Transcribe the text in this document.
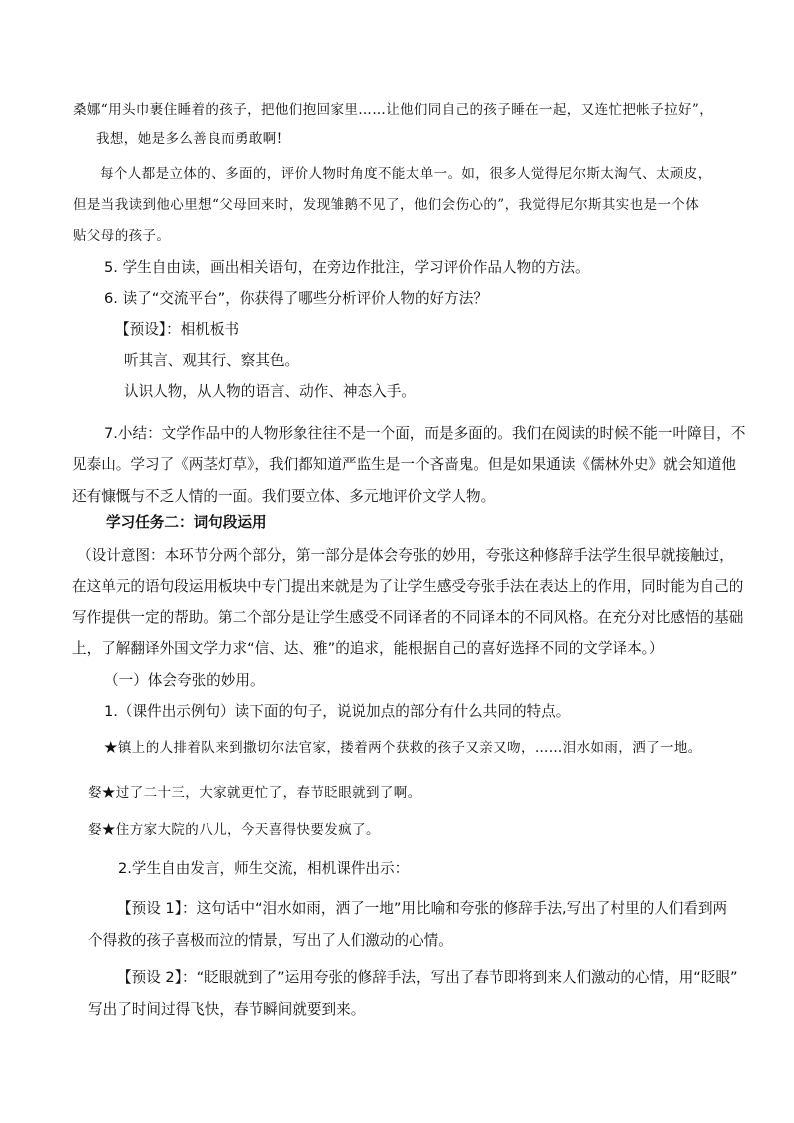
桑娜“用头巾裹住睡着的孩子，把他们抱回家里……让他们同自己的孩子睡在一起，又连忙把帐子拉好”，
我想，她是多么善良而勇敢啊!
每个人都是立体的、多面的，评价人物时角度不能太单一。如，很多人觉得尼尔斯太淘气、太顽皮，
但是当我读到他心里想“父母回来时，发现雏鹅不见了，他们会伤心的”，我觉得尼尔斯其实也是一个体
贴父母的孩子。
5. 学生自由读，画出相关语句，在旁边作批注，学习评价作品人物的方法。
6. 读了“交流平台”，你获得了哪些分析评价人物的好方法？
【预设】：相机板书
听其言、观其行、察其色。
认识人物，从人物的语言、动作、神态入手。
7.小结：文学作品中的人物形象往往不是一个面，而是多面的。我们在阅读的时候不能一叶障目，不
见泰山。学习了《两茎灯草》，我们都知道严监生是一个吝啬鬼。但是如果通读《儒林外史》就会知道他
还有慷慨与不乏人情的一面。我们要立体、多元地评价文学人物。
学习任务二：词句段运用
（设计意图：本环节分两个部分，第一部分是体会夸张的妙用，夸张这种修辞手法学生很早就接触过，
在这单元的语句段运用板块中专门提出来就是为了让学生感受夸张手法在表达上的作用，同时能为自己的
写作提供一定的帮助。第二个部分是让学生感受不同译者的不同译本的不同风格。在充分对比感悟的基础
上，了解翻译外国文学力求“信、达、雅”的追求，能根据自己的喜好选择不同的文学译本。）
（一）体会夸张的妙用。
1.（课件出示例句）读下面的句子，说说加点的部分有什么共同的特点。
★镇上的人排着队来到撒切尔法官家，搂着两个获救的孩子又亲又吻，……泪水如雨，洒了一地。
㛑★过了二十三，大家就更忙了，春节眨眼就到了啊。
㛑★住方家大院的八儿，今天喜得快要发疯了。
2.学生自由发言，师生交流，相机课件出示：
【预设 1】：这句话中“泪水如雨，洒了一地”用比喻和夸张的修辞手法,写出了村里的人们看到两
个得救的孩子喜极而泣的情景，写出了人们激动的心情。
【预设 2】：“眨眼就到了”运用夸张的修辞手法，写出了春节即将到来人们激动的心情，用“眨眼”
写出了时间过得飞快，春节瞬间就要到来。
